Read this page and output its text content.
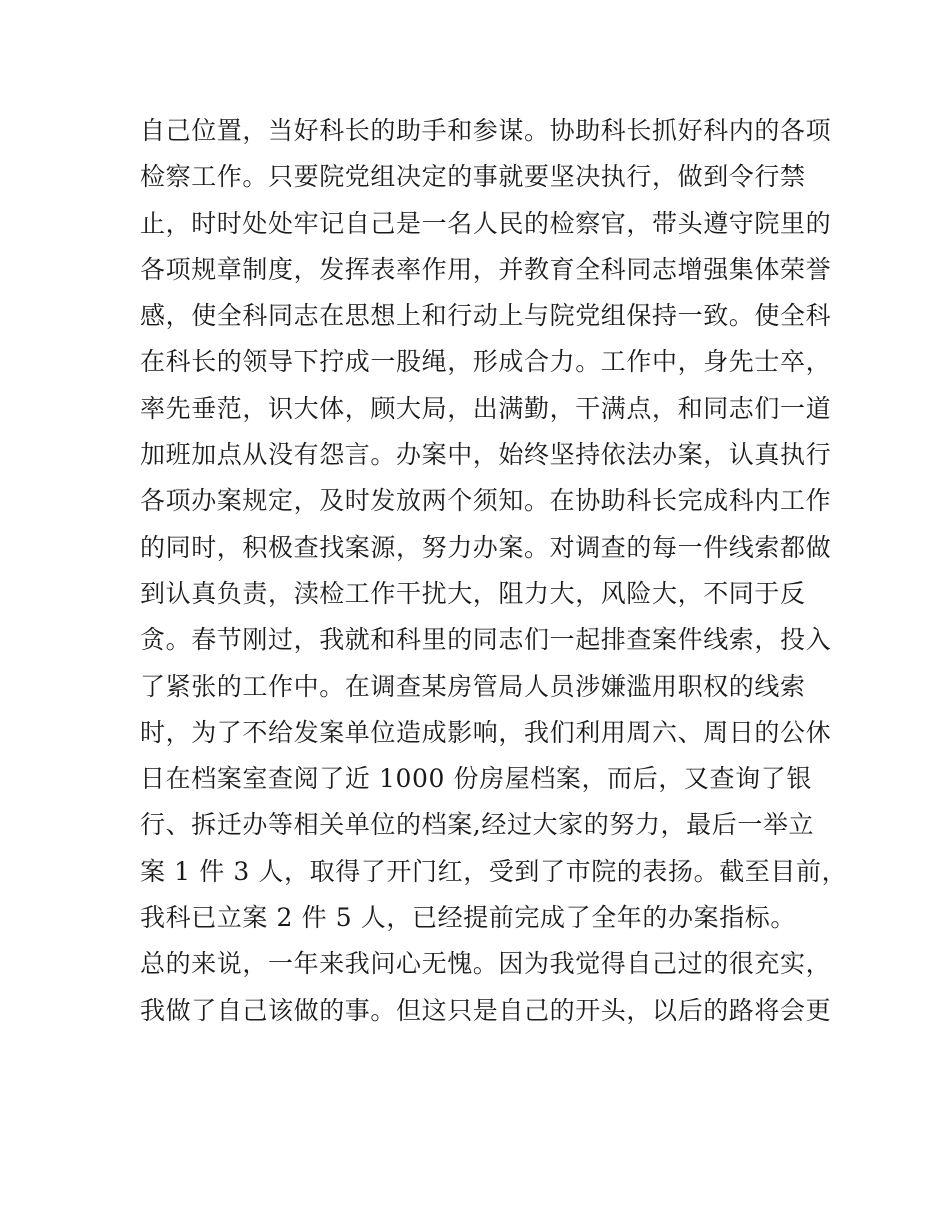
自己位置，当好科长的助手和参谋。协助科长抓好科内的各项
检察工作。只要院党组决定的事就要坚决执行，做到令行禁
止，时时处处牢记自己是一名人民的检察官，带头遵守院里的
各项规章制度，发挥表率作用，并教育全科同志增强集体荣誉
感，使全科同志在思想上和行动上与院党组保持一致。使全科
在科长的领导下拧成一股绳，形成合力。工作中，身先士卒，
率先垂范，识大体，顾大局，出满勤，干满点，和同志们一道
加班加点从没有怨言。办案中，始终坚持依法办案，认真执行
各项办案规定，及时发放两个须知。在协助科长完成科内工作
的同时，积极查找案源，努力办案。对调查的每一件线索都做
到认真负责，渎检工作干扰大，阻力大，风险大，不同于反
贪。春节刚过，我就和科里的同志们一起排查案件线索，投入
了紧张的工作中。在调查某房管局人员涉嫌滥用职权的线索
时，为了不给发案单位造成影响，我们利用周六、周日的公休
日在档案室查阅了近 1000 份房屋档案，而后，又查询了银
行、拆迁办等相关单位的档案,经过大家的努力，最后一举立
案 1 件 3 人，取得了开门红，受到了市院的表扬。截至目前，
我科已立案 2 件 5 人，已经提前完成了全年的办案指标。
总的来说，一年来我问心无愧。因为我觉得自己过的很充实，
我做了自己该做的事。但这只是自己的开头，以后的路将会更
